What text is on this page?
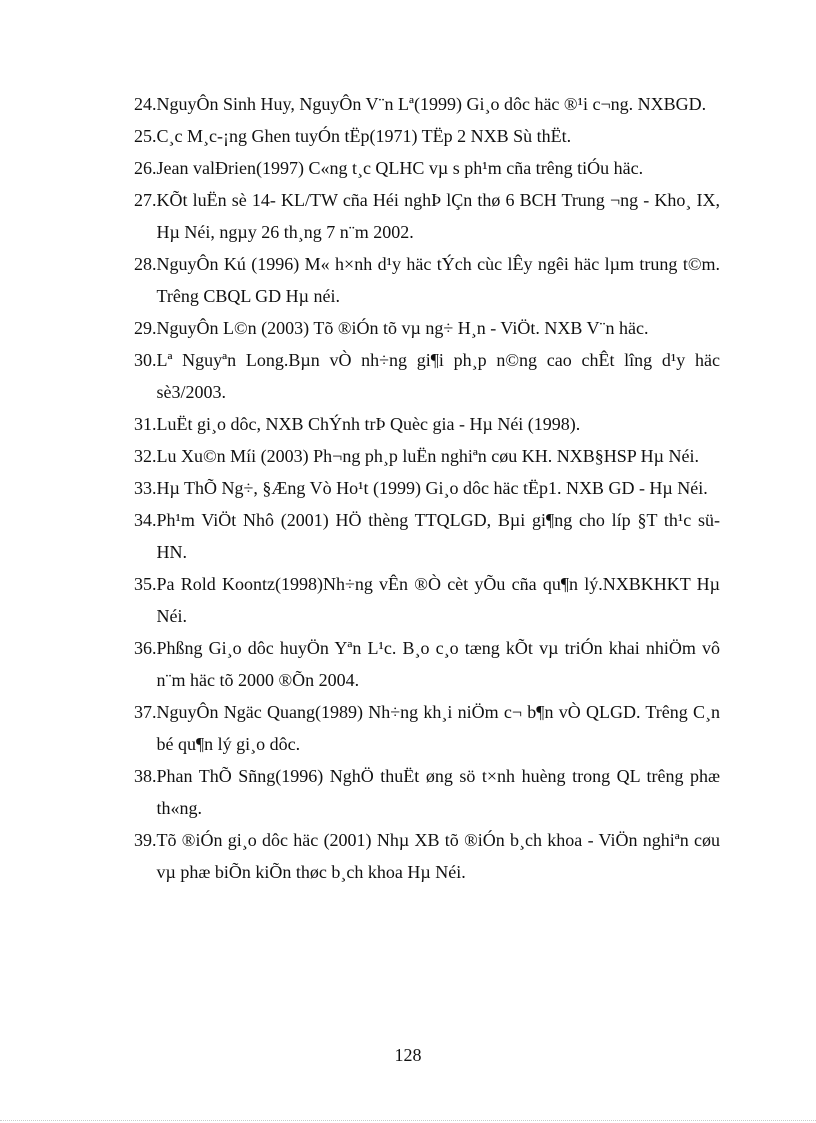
24. NguyÔn Sinh Huy, NguyÔn V¨n Lª(1999) Gi¸o dôc häc ®¹i c¬ng. NXBGD.
25. C¸c M¸c-¡ng Ghen tuyÓn tËp(1971) TËp 2 NXB Sù thËt.
26. Jean valÐrien(1997) C«ng t¸c QLHC vµ s ph¹m cña trêng tiÓu häc.
27. KÕt luËn sè 14- KL/TW cña Héi nghÞ lÇn thø 6 BCH Trung ¬ng - Kho¸ IX, Hµ Néi, ngµy 26 th¸ng 7 n¨m 2002.
28. NguyÔn Kú (1996) M« h×nh d¹y häc tÝch cùc lÊy ngêi häc lµm trung t©m. Trêng CBQL GD Hµ néi.
29. NguyÔn L©n (2003) Tõ ®iÓn tõ vµ ng÷ H¸n - ViÖt. NXB V¨n häc.
30. Lª Nguyªn Long.Bµn vÒ nh÷ng gi¶i ph¸p n©ng cao chÊt lîng d¹y häc sè3/2003.
31. LuËt gi¸o dôc, NXB ChÝnh trÞ Quèc gia - Hµ Néi (1998).
32. Lu Xu©n Míi (2003) Ph¬ng ph¸p luËn nghiªn cøu KH. NXB§HSP Hµ Néi.
33. Hµ ThÕ Ng÷, §Æng Vò Ho¹t (1999) Gi¸o dôc häc tËp1. NXB GD - Hµ Néi.
34. Ph¹m ViÖt Nhô (2001) HÖ thèng TTQLGD, Bµi gi¶ng cho líp §T th¹c sü-HN.
35. Pa Rold Koontz(1998)Nh÷ng vÊn ®Ò cèt yÕu cña qu¶n lý.NXBKHKT Hµ Néi.
36. Phßng Gi¸o dôc huyÖn Yªn L¹c. B¸o c¸o tæng kÕt vµ triÓn khai nhiÖm vô n¨m häc tõ 2000 ®Õn 2004.
37. NguyÔn Ngäc Quang(1989) Nh÷ng kh¸i niÖm c¬ b¶n vÒ QLGD. Trêng C¸n bé qu¶n lý gi¸o dôc.
38. Phan ThÕ Sñng(1996) NghÖ thuËt øng sö t×nh huèng trong QL trêng phæ th«ng.
39. Tõ ®iÓn gi¸o dôc häc (2001) Nhµ XB tõ ®iÓn b¸ch khoa - ViÖn nghiªn cøu vµ phæ biÕn kiÕn thøc b¸ch khoa Hµ Néi.
128
